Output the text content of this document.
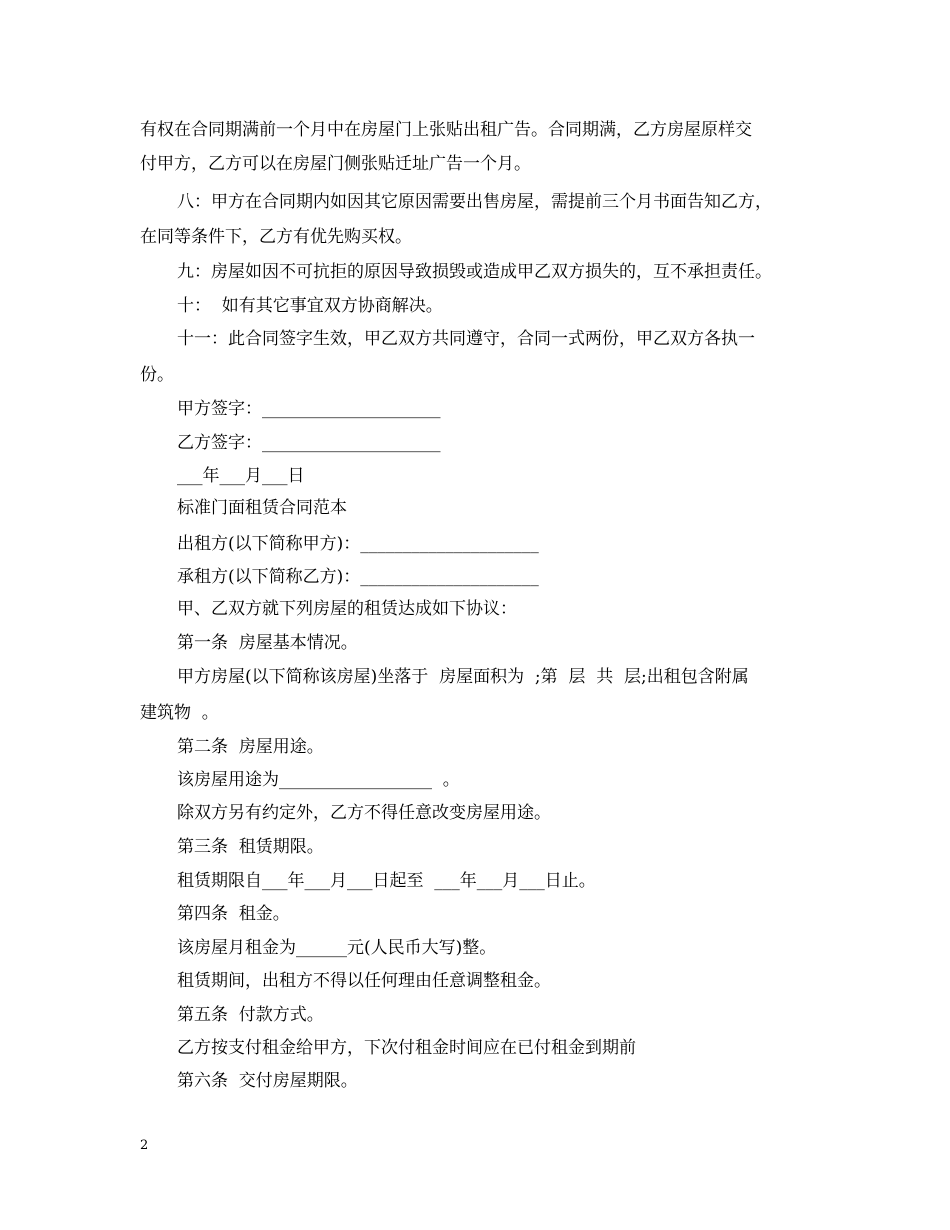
有权在合同期满前一个月中在房屋门上张贴出租广告。合同期满，乙方房屋原样交
付甲方，乙方可以在房屋门侧张贴迁址广告一个月。
八：甲方在合同期内如因其它原因需要出售房屋，需提前三个月书面告知乙方，
在同等条件下，乙方有优先购买权。
九：房屋如因不可抗拒的原因导致损毁或造成甲乙双方损失的，互不承担责任。
十：  如有其它事宜双方协商解决。
十一：此合同签字生效，甲乙双方共同遵守，合同一式两份，甲乙双方各执一
份。
甲方签字：_____________________
乙方签字：_____________________
___年___月___日
标准门面租赁合同范本
出租方(以下简称甲方)：_____________________
承租方(以下简称乙方)：_____________________
甲、乙双方就下列房屋的租赁达成如下协议：
第一条  房屋基本情况。
甲方房屋(以下简称该房屋)坐落于  房屋面积为  ;第  层  共  层;出租包含附属
建筑物  。
第二条  房屋用途。
该房屋用途为__________________  。
除双方另有约定外，乙方不得任意改变房屋用途。
第三条  租赁期限。
租赁期限自___年___月___日起至  ___年___月___日止。
第四条  租金。
该房屋月租金为______元(人民币大写)整。
租赁期间，出租方不得以任何理由任意调整租金。
第五条  付款方式。
乙方按支付租金给甲方，下次付租金时间应在已付租金到期前
第六条  交付房屋期限。
2
